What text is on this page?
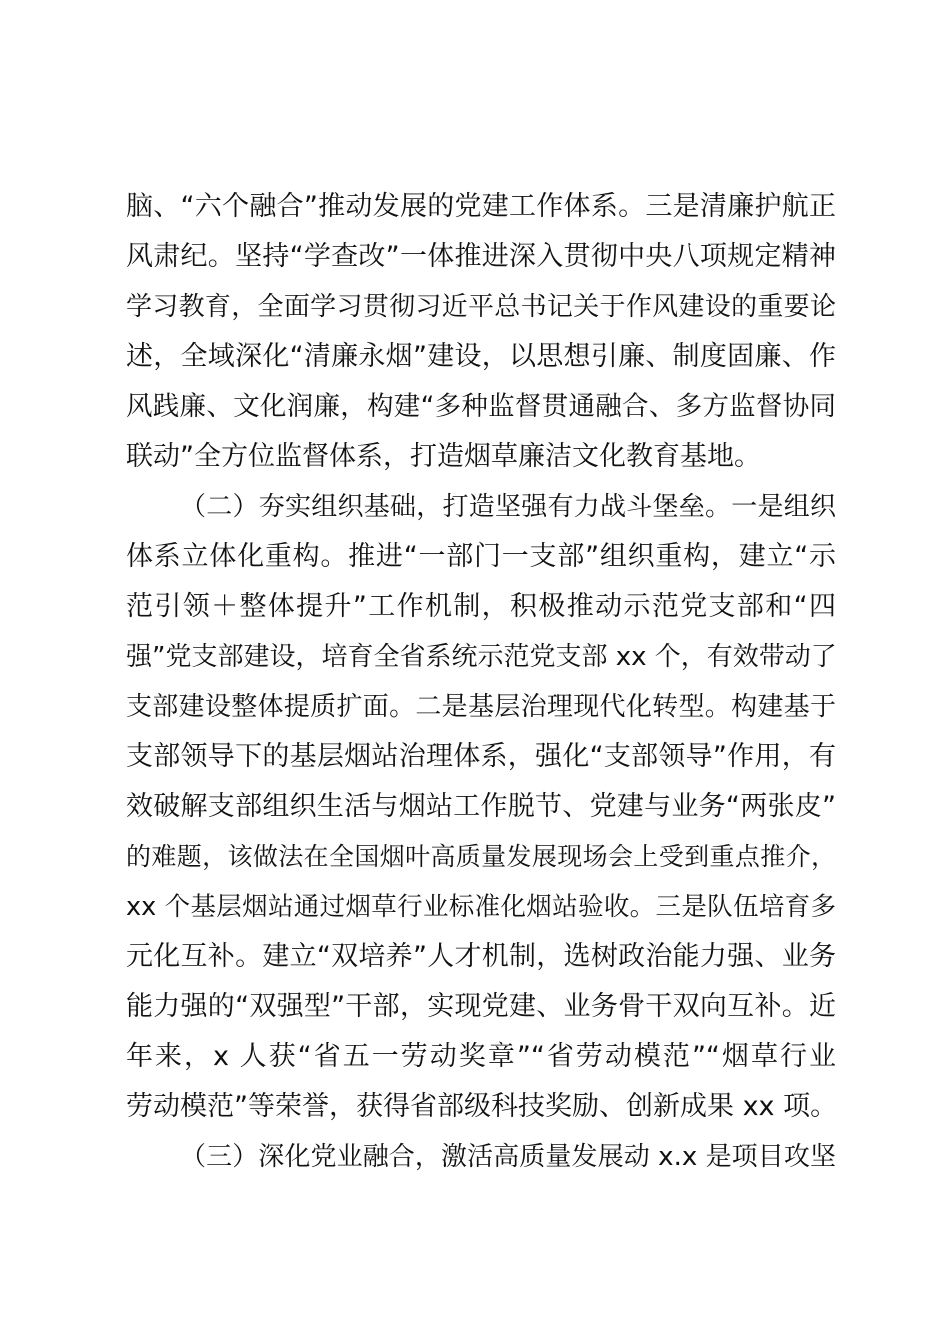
脑、“六个融合”推动发展的党建工作体系。三是清廉护航正
风肃纪。坚持“学查改”一体推进深入贯彻中央八项规定精神
学习教育，全面学习贯彻习近平总书记关于作风建设的重要论
述，全域深化“清廉永烟”建设，以思想引廉、制度固廉、作
风践廉、文化润廉，构建“多种监督贯通融合、多方监督协同
联动”全方位监督体系，打造烟草廉洁文化教育基地。
（二）夯实组织基础，打造坚强有力战斗堡垒。一是组织
体系立体化重构。推进“一部门一支部”组织重构，建立“示
范引领＋整体提升”工作机制，积极推动示范党支部和“四
强”党支部建设，培育全省系统示范党支部 xx 个，有效带动了
支部建设整体提质扩面。二是基层治理现代化转型。构建基于
支部领导下的基层烟站治理体系，强化“支部领导”作用，有
效破解支部组织生活与烟站工作脱节、党建与业务“两张皮”
的难题，该做法在全国烟叶高质量发展现场会上受到重点推介，
xx 个基层烟站通过烟草行业标准化烟站验收。三是队伍培育多
元化互补。建立“双培养”人才机制，选树政治能力强、业务
能力强的“双强型”干部，实现党建、业务骨干双向互补。近
年来，x 人获“省五一劳动奖章”“省劳动模范”“烟草行业
劳动模范”等荣誉，获得省部级科技奖励、创新成果 xx 项。
（三）深化党业融合，激活高质量发展动 x.x 是项目攻坚
